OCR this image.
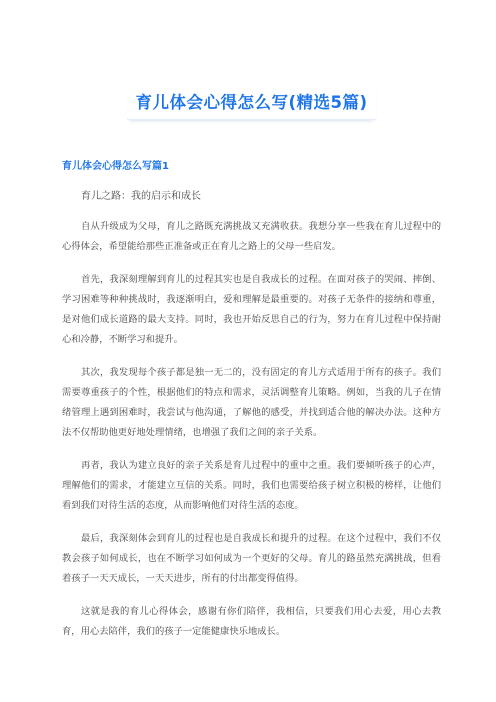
育儿体会心得怎么写(精选5篇)
育儿体会心得怎么写篇1
育儿之路：我的启示和成长

自从升级成为父母，育儿之路既充满挑战又充满收获。我想分享一些我在育儿过程中的心得体会，希望能给那些正准备或正在育儿之路上的父母一些启发。

首先，我深刻理解到育儿的过程其实也是自我成长的过程。在面对孩子的哭闹、摔倒、学习困难等种种挑战时，我逐渐明白，爱和理解是最重要的。对孩子无条件的接纳和尊重，是对他们成长道路的最大支持。同时，我也开始反思自己的行为，努力在育儿过程中保持耐心和冷静，不断学习和提升。

其次，我发现每个孩子都是独一无二的，没有固定的育儿方式适用于所有的孩子。我们需要尊重孩子的个性，根据他们的特点和需求，灵活调整育儿策略。例如，当我的儿子在情绪管理上遇到困难时，我尝试与他沟通，了解他的感受，并找到适合他的解决办法。这种方法不仅帮助他更好地处理情绪，也增强了我们之间的亲子关系。

再者，我认为建立良好的亲子关系是育儿过程中的重中之重。我们要倾听孩子的心声，理解他们的需求，才能建立互信的关系。同时，我们也需要给孩子树立积极的榜样，让他们看到我们对待生活的态度，从而影响他们对待生活的态度。

最后，我深刻体会到育儿的过程也是自我成长和提升的过程。在这个过程中，我们不仅教会孩子如何成长，也在不断学习如何成为一个更好的父母。育儿的路虽然充满挑战，但看着孩子一天天成长，一天天进步，所有的付出都变得值得。

这就是我的育儿心得体会，感谢有你们陪伴，我相信，只要我们用心去爱，用心去教育，用心去陪伴，我们的孩子一定能健康快乐地成长。
